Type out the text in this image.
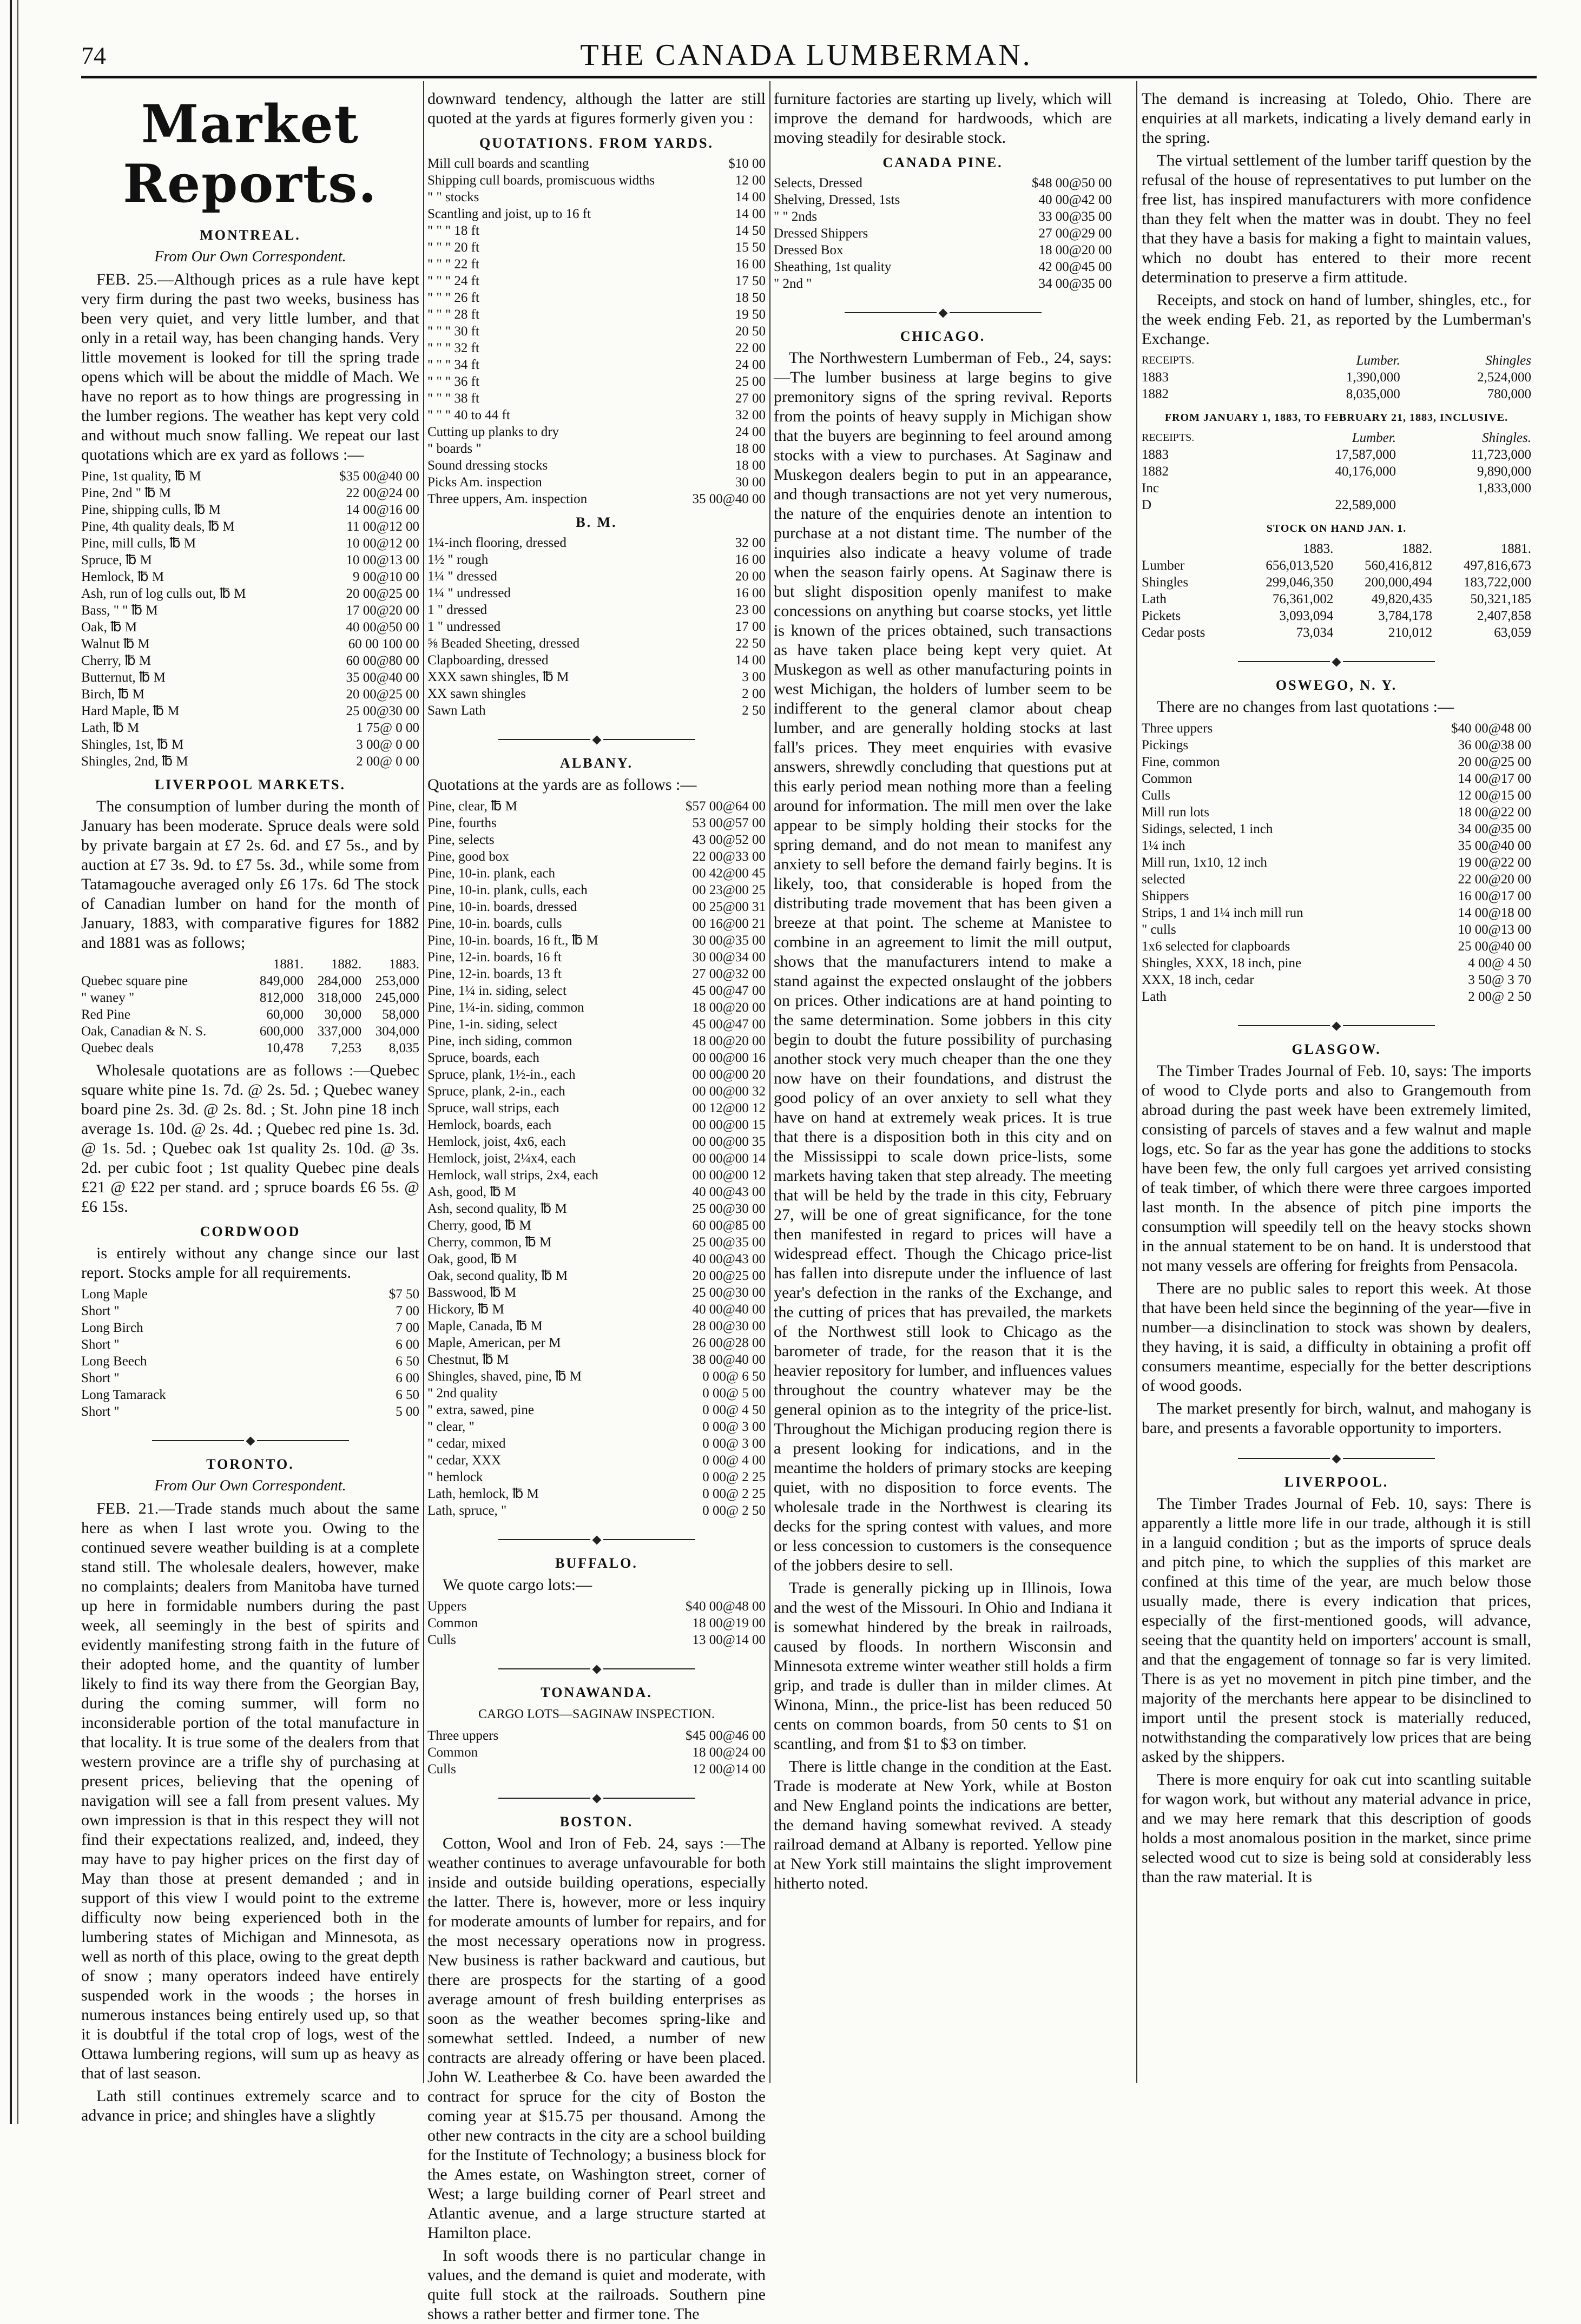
74	THE CANADA LUMBERMAN.
Market Reports.
MONTREAL.
From Our Own Correspondent.

FEB. 25.—Although prices as a rule have kept very firm during the past two weeks, business has been very quiet, and very little lumber, and that only in a retail way, has been changing hands. Very little movement is looked for till the spring trade opens which will be about the middle of Mach. We have no report as to how things are progressing in the lumber regions. The weather has kept very cold and without much snow falling. We repeat our last quotations which are ex yard as follows :—

Pine, 1st quality, ℔ M	$35 00@40 00
Pine, 2nd " ℔ M	22 00@24 00
Pine, shipping culls, ℔ M	14 00@16 00
Pine, 4th quality deals, ℔ M	11 00@12 00
Pine, mill culls, ℔ M	10 00@12 00
Spruce, ℔ M	10 00@13 00
Hemlock, ℔ M	9 00@10 00
Ash, run of log culls out, ℔ M	20 00@25 00
Bass, " " ℔ M	17 00@20 00
Oak, ℔ M	40 00@50 00
Walnut ℔ M	60 00 100 00
Cherry, ℔ M	60 00@80 00
Butternut, ℔ M	35 00@40 00
Birch, ℔ M	20 00@25 00
Hard Maple, ℔ M	25 00@30 00
Lath, ℔ M	1 75@ 0 00
Shingles, 1st, ℔ M	3 00@ 0 00
Shingles, 2nd, ℔ M	2 00@ 0 00
LIVERPOOL MARKETS.

The consumption of lumber during the month of January has been moderate. Spruce deals were sold by private bargain at £7 2s. 6d. and £7 5s., and by auction at £7 3s. 9d. to £7 5s. 3d., while some from Tatamagouche averaged only £6 17s. 6d The stock of Canadian lumber on hand for the month of January, 1883, with comparative figures for 1882 and 1881 was as follows;

	1881.	1882.	1883.
Quebec square pine	849,000	284,000	253,000
" waney "	812,000	318,000	245,000
Red Pine	60,000	30,000	58,000
Oak, Canadian & N. S.	600,000	337,000	304,000
Quebec deals	10,478	7,253	8,035

Wholesale quotations are as follows :—Quebec square white pine 1s. 7d. @ 2s. 5d. ; Quebec waney board pine 2s. 3d. @ 2s. 8d. ; St. John pine 18 inch average 1s. 10d. @ 2s. 4d. ; Quebec red pine 1s. 3d. @ 1s. 5d. ; Quebec oak 1st quality 2s. 10d. @ 3s. 2d. per cubic foot ; 1st quality Quebec pine deals £21 @ £22 per stand. ard ; spruce boards £6 5s. @ £6 15s.

CORDWOOD

is entirely without any change since our last report. Stocks ample for all requirements.

Long Maple	$7 50
Short "	7 00
Long Birch	7 00
Short "	6 00
Long Beech	6 50
Short "	6 00
Long Tamarack	6 50
Short "	5 00
TORONTO.
From Our Own Correspondent.

FEB. 21.—Trade stands much about the same here as when I last wrote you. Owing to the continued severe weather building is at a complete stand still. The wholesale dealers, however, make no complaints; dealers from Manitoba have turned up here in formidable numbers during the past week, all seemingly in the best of spirits and evidently manifesting strong faith in the future of their adopted home, and the quantity of lumber likely to find its way there from the Georgian Bay, during the coming summer, will form no inconsiderable portion of the total manufacture in that locality. It is true some of the dealers from that western province are a trifle shy of purchasing at present prices, believing that the opening of navigation will see a fall from present values. My own impression is that in this respect they will not find their expectations realized, and, indeed, they may have to pay higher prices on the first day of May than those at present demanded ; and in support of this view I would point to the extreme difficulty now being experienced both in the lumbering states of Michigan and Minnesota, as well as north of this place, owing to the great depth of snow ; many operators indeed have entirely suspended work in the woods ; the horses in numerous instances being entirely used up, so that it is doubtful if the total crop of logs, west of the Ottawa lumbering regions, will sum up as heavy as that of last season.

Lath still continues extremely scarce and to advance in price; and shingles have a slightly

downward tendency, although the latter are still quoted at the yards at figures formerly given you :

QUOTATIONS. FROM YARDS.
Mill cull boards and scantling	$10 00
Shipping cull boards, promiscuous widths	12 00
" " stocks	14 00
Scantling and joist, up to 16 ft	14 00
" " " 18 ft	14 50
" " " 20 ft	15 50
" " " 22 ft	16 00
" " " 24 ft	17 50
" " " 26 ft	18 50
" " " 28 ft	19 50
" " " 30 ft	20 50
" " " 32 ft	22 00
" " " 34 ft	24 00
" " " 36 ft	25 00
" " " 38 ft	27 00
" " " 40 to 44 ft	32 00
Cutting up planks to dry	24 00
" boards "	18 00
Sound dressing stocks	18 00
Picks Am. inspection	30 00
Three uppers, Am. inspection	35 00@40 00
B. M.
1¼-inch flooring, dressed	32 00
1½ " rough	16 00
1¼ " dressed	20 00
1¼ " undressed	16 00
1 " dressed	23 00
1 " undressed	17 00
⅝ Beaded Sheeting, dressed	22 50
Clapboarding, dressed	14 00
XXX sawn shingles, ℔ M	3 00
XX sawn shingles	2 00
Sawn Lath	2 50
ALBANY.

Quotations at the yards are as follows :—

Pine, clear, ℔ M	$57 00@64 00
Pine, fourths	53 00@57 00
Pine, selects	43 00@52 00
Pine, good box	22 00@33 00
Pine, 10-in. plank, each	00 42@00 45
Pine, 10-in. plank, culls, each	00 23@00 25
Pine, 10-in. boards, dressed	00 25@00 31
Pine, 10-in. boards, culls	00 16@00 21
Pine, 10-in. boards, 16 ft., ℔ M	30 00@35 00
Pine, 12-in. boards, 16 ft	30 00@34 00
Pine, 12-in. boards, 13 ft	27 00@32 00
Pine, 1¼ in. siding, select	45 00@47 00
Pine, 1¼-in. siding, common	18 00@20 00
Pine, 1-in. siding, select	45 00@47 00
Pine, inch siding, common	18 00@20 00
Spruce, boards, each	00 00@00 16
Spruce, plank, 1½-in., each	00 00@00 20
Spruce, plank, 2-in., each	00 00@00 32
Spruce, wall strips, each	00 12@00 12
Hemlock, boards, each	00 00@00 15
Hemlock, joist, 4x6, each	00 00@00 35
Hemlock, joist, 2¼x4, each	00 00@00 14
Hemlock, wall strips, 2x4, each	00 00@00 12
Ash, good, ℔ M	40 00@43 00
Ash, second quality, ℔ M	25 00@30 00
Cherry, good, ℔ M	60 00@85 00
Cherry, common, ℔ M	25 00@35 00
Oak, good, ℔ M	40 00@43 00
Oak, second quality, ℔ M	20 00@25 00
Basswood, ℔ M	25 00@30 00
Hickory, ℔ M	40 00@40 00
Maple, Canada, ℔ M	28 00@30 00
Maple, American, per M	26 00@28 00
Chestnut, ℔ M	38 00@40 00
Shingles, shaved, pine, ℔ M	0 00@ 6 50
" 2nd quality	0 00@ 5 00
" extra, sawed, pine	0 00@ 4 50
" clear, "	0 00@ 3 00
" cedar, mixed	0 00@ 3 00
" cedar, XXX	0 00@ 4 00
" hemlock	0 00@ 2 25
Lath, hemlock, ℔ M	0 00@ 2 25
Lath, spruce, "	0 00@ 2 50
BUFFALO.

We quote cargo lots:—

Uppers	$40 00@48 00
Common	18 00@19 00
Culls	13 00@14 00
TONAWANDA.
CARGO LOTS—SAGINAW INSPECTION.
Three uppers	$45 00@46 00
Common	18 00@24 00
Culls	12 00@14 00
BOSTON.

Cotton, Wool and Iron of Feb. 24, says :—The weather continues to average unfavourable for both inside and outside building operations, especially the latter. There is, however, more or less inquiry for moderate amounts of lumber for repairs, and for the most necessary operations now in progress. New business is rather backward and cautious, but there are prospects for the starting of a good average amount of fresh building enterprises as soon as the weather becomes spring-like and somewhat settled. Indeed, a number of new contracts are already offering or have been placed. John W. Leatherbee & Co. have been awarded the contract for spruce for the city of Boston the coming year at $15.75 per thousand. Among the other new contracts in the city are a school building for the Institute of Technology; a business block for the Ames estate, on Washington street, corner of West; a large building corner of Pearl street and Atlantic avenue, and a large structure started at Hamilton place.

In soft woods there is no particular change in values, and the demand is quiet and moderate, with quite full stock at the railroads. Southern pine shows a rather better and firmer tone. The

furniture factories are starting up lively, which will improve the demand for hardwoods, which are moving steadily for desirable stock.

CANADA PINE.
Selects, Dressed	$48 00@50 00
Shelving, Dressed, 1sts	40 00@42 00
" " 2nds	33 00@35 00
Dressed Shippers	27 00@29 00
Dressed Box	18 00@20 00
Sheathing, 1st quality	42 00@45 00
" 2nd "	34 00@35 00
CHICAGO.

The Northwestern Lumberman of Feb., 24, says:—The lumber business at large begins to give premonitory signs of the spring revival. Reports from the points of heavy supply in Michigan show that the buyers are beginning to feel around among stocks with a view to purchases. At Saginaw and Muskegon dealers begin to put in an appearance, and though transactions are not yet very numerous, the nature of the enquiries denote an intention to purchase at a not distant time. The number of the inquiries also indicate a heavy volume of trade when the season fairly opens. At Saginaw there is but slight disposition openly manifest to make concessions on anything but coarse stocks, yet little is known of the prices obtained, such transactions as have taken place being kept very quiet. At Muskegon as well as other manufacturing points in west Michigan, the holders of lumber seem to be indifferent to the general clamor about cheap lumber, and are generally holding stocks at last fall's prices. They meet enquiries with evasive answers, shrewdly concluding that questions put at this early period mean nothing more than a feeling around for information. The mill men over the lake appear to be simply holding their stocks for the spring demand, and do not mean to manifest any anxiety to sell before the demand fairly begins. It is likely, too, that considerable is hoped from the distributing trade movement that has been given a breeze at that point. The scheme at Manistee to combine in an agreement to limit the mill output, shows that the manufacturers intend to make a stand against the expected onslaught of the jobbers on prices. Other indications are at hand pointing to the same determination. Some jobbers in this city begin to doubt the future possibility of purchasing another stock very much cheaper than the one they now have on their foundations, and distrust the good policy of an over anxiety to sell what they have on hand at extremely weak prices. It is true that there is a disposition both in this city and on the Mississippi to scale down price-lists, some markets having taken that step already. The meeting that will be held by the trade in this city, February 27, will be one of great significance, for the tone then manifested in regard to prices will have a widespread effect. Though the Chicago price-list has fallen into disrepute under the influence of last year's defection in the ranks of the Exchange, and the cutting of prices that has prevailed, the markets of the Northwest still look to Chicago as the barometer of trade, for the reason that it is the heavier repository for lumber, and influences values throughout the country whatever may be the general opinion as to the integrity of the price-list. Throughout the Michigan producing region there is a present looking for indications, and in the meantime the holders of primary stocks are keeping quiet, with no disposition to force events. The wholesale trade in the Northwest is clearing its decks for the spring contest with values, and more or less concession to customers is the consequence of the jobbers desire to sell.

Trade is generally picking up in Illinois, Iowa and the west of the Missouri. In Ohio and Indiana it is somewhat hindered by the break in railroads, caused by floods. In northern Wisconsin and Minnesota extreme winter weather still holds a firm grip, and trade is duller than in milder climes. At Winona, Minn., the price-list has been reduced 50 cents on common boards, from 50 cents to $1 on scantling, and from $1 to $3 on timber.

There is little change in the condition at the East. Trade is moderate at New York, while at Boston and New England points the indications are better, the demand having somewhat revived. A steady railroad demand at Albany is reported. Yellow pine at New York still maintains the slight improvement hitherto noted.

The demand is increasing at Toledo, Ohio. There are enquiries at all markets, indicating a lively demand early in the spring.

The virtual settlement of the lumber tariff question by the refusal of the house of representatives to put lumber on the free list, has inspired manufacturers with more confidence than they felt when the matter was in doubt. They no feel that they have a basis for making a fight to maintain values, which no doubt has entered to their more recent determination to preserve a firm attitude.

Receipts, and stock on hand of lumber, shingles, etc., for the week ending Feb. 21, as reported by the Lumberman's Exchange.

RECEIPTS.	Lumber.	Shingles
1883	1,390,000	2,524,000
1882	8,035,000	780,000
FROM JANUARY 1, 1883, TO FEBRUARY 21, 1883, INCLUSIVE.
RECEIPTS.	Lumber.	Shingles.
1883	17,587,000	11,723,000
1882	40,176,000	9,890,000
Inc		1,833,000
D	22,589,000	
STOCK ON HAND JAN. 1.
	1883.	1882.	1881.
Lumber	656,013,520	560,416,812	497,816,673
Shingles	299,046,350	200,000,494	183,722,000
Lath	76,361,002	49,820,435	50,321,185
Pickets	3,093,094	3,784,178	2,407,858
Cedar posts	73,034	210,012	63,059
OSWEGO, N. Y.

There are no changes from last quotations :—

Three uppers	$40 00@48 00
Pickings	36 00@38 00
Fine, common	20 00@25 00
Common	14 00@17 00
Culls	12 00@15 00
Mill run lots	18 00@22 00
Sidings, selected, 1 inch	34 00@35 00
1¼ inch	35 00@40 00
Mill run, 1x10, 12 inch	19 00@22 00
selected	22 00@20 00
Shippers	16 00@17 00
Strips, 1 and 1¼ inch mill run	14 00@18 00
" culls	10 00@13 00
1x6 selected for clapboards	25 00@40 00
Shingles, XXX, 18 inch, pine	4 00@ 4 50
XXX, 18 inch, cedar	3 50@ 3 70
Lath	2 00@ 2 50
GLASGOW.

The Timber Trades Journal of Feb. 10, says: The imports of wood to Clyde ports and also to Grangemouth from abroad during the past week have been extremely limited, consisting of parcels of staves and a few walnut and maple logs, etc. So far as the year has gone the additions to stocks have been few, the only full cargoes yet arrived consisting of teak timber, of which there were three cargoes imported last month. In the absence of pitch pine imports the consumption will speedily tell on the heavy stocks shown in the annual statement to be on hand. It is understood that not many vessels are offering for freights from Pensacola.

There are no public sales to report this week. At those that have been held since the beginning of the year—five in number—a disinclination to stock was shown by dealers, they having, it is said, a difficulty in obtaining a profit off consumers meantime, especially for the better descriptions of wood goods.

The market presently for birch, walnut, and mahogany is bare, and presents a favorable opportunity to importers.

LIVERPOOL.

The Timber Trades Journal of Feb. 10, says: There is apparently a little more life in our trade, although it is still in a languid condition ; but as the imports of spruce deals and pitch pine, to which the supplies of this market are confined at this time of the year, are much below those usually made, there is every indication that prices, especially of the first-mentioned goods, will advance, seeing that the quantity held on importers' account is small, and that the engagement of tonnage so far is very limited. There is as yet no movement in pitch pine timber, and the majority of the merchants here appear to be disinclined to import until the present stock is materially reduced, notwithstanding the comparatively low prices that are being asked by the shippers.

There is more enquiry for oak cut into scantling suitable for wagon work, but without any material advance in price, and we may here remark that this description of goods holds a most anomalous position in the market, since prime selected wood cut to size is being sold at considerably less than the raw material. It is
